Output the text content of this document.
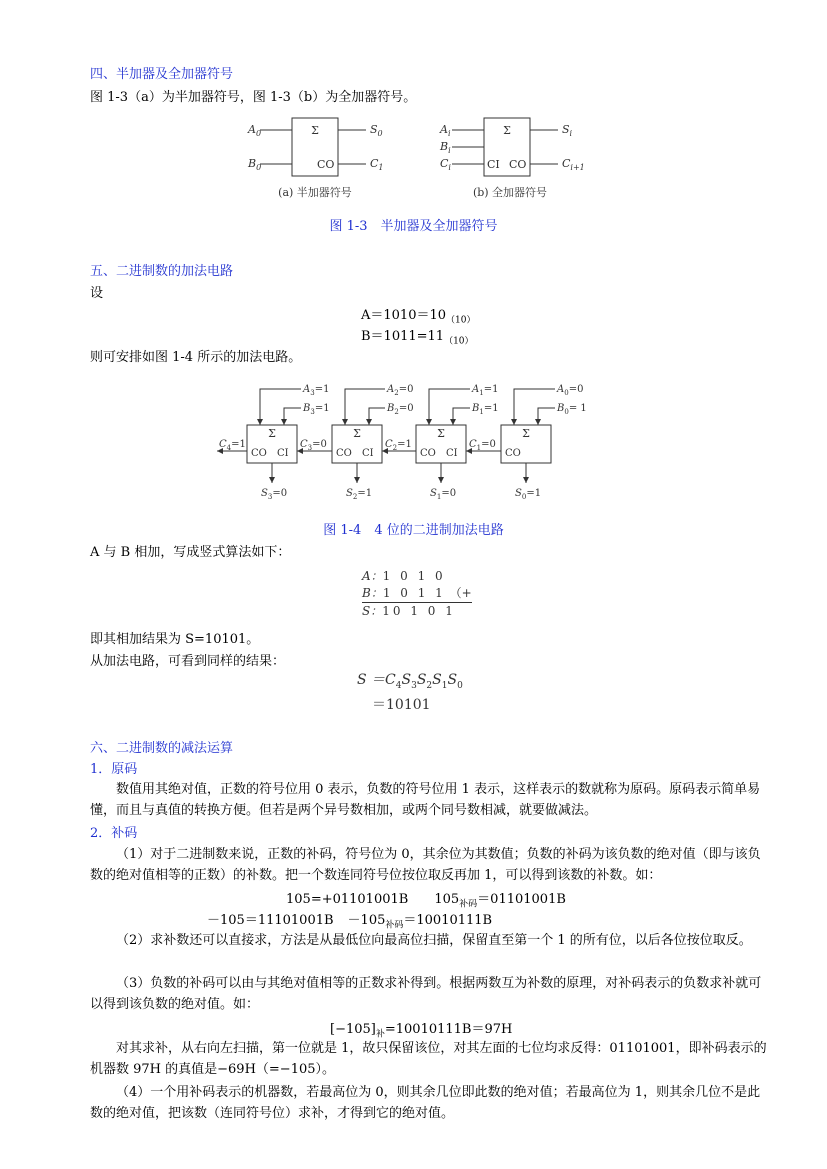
四、半加器及全加器符号
图 1-3（a）为半加器符号，图 1-3（b）为全加器符号。
Σ
CO
$A_0$
$B_0$
$S_0$
$C_1$
(a) 半加器符号
Σ
CI CO
$A_i$
$B_i$
$C_i$
$S_i$
$C_{i+1}$
(b) 全加器符号
图 1-3　半加器及全加器符号
五、二进制数的加法电路
设
$A=1010=10_{(10)}$
$B=1011=11_{(10)}$
则可安排如图 1-4 所示的加法电路。
Σ
CO CI
$A_3=1$
$B_3=1$
$S_3=0$
Σ
CO CI
$A_2=0$
$B_2=0$
$S_2=1$
Σ
CO CI
$A_1=1$
$B_1=1$
$S_1=0$
Σ
CO
$A_0=0$
$B_0= 1$
$S_0=1$
$C_4=1$	$C_3=0$	$C_2=1$	$C_1=0$
图 1-4　4 位的二进制加法电路
A 与 B 相加，写成竖式算法如下：
A：1 0 1 0
B：1 0 1 1 （+
S：10 1 0 1
即其相加结果为 S=10101。
从加法电路，可看到同样的结果：
$S =C_4S_3S_2S_1S_0$
＝10101
六、二进制数的减法运算
1．原码
数值用其绝对值，正数的符号位用 0 表示，负数的符号位用 1 表示，这样表示的数就称为原码。原码表示简单易懂，而且与真值的转换方便。但若是两个异号数相加，或两个同号数相减，就要做减法。
2．补码
（1）对于二进制数来说，正数的补码，符号位为 0，其余位为其数值；负数的补码为该负数的绝对值（即与该负数的绝对值相等的正数）的补数。把一个数连同符号位按位取反再加 1，可以得到该数的补数。如：
105=+01101001B $105_{补码}=01101001B$
$-105=11101001B -105_{补码}=10010111B$
（2）求补数还可以直接求，方法是从最低位向最高位扫描，保留直至第一个 1 的所有位，以后各位按位取反。
（3）负数的补码可以由与其绝对值相等的正数求补得到。根据两数互为补数的原理，对补码表示的负数求补就可以得到该负数的绝对值。如：
$[-105]_补=10010111B=97H$
对其求补，从右向左扫描，第一位就是 1，故只保留该位，对其左面的七位均求反得：01101001，即补码表示的机器数 97H 的真值是−69H（=−105）。
（4）一个用补码表示的机器数，若最高位为 0，则其余几位即此数的绝对值；若最高位为 1，则其余几位不是此数的绝对值，把该数（连同符号位）求补，才得到它的绝对值。
